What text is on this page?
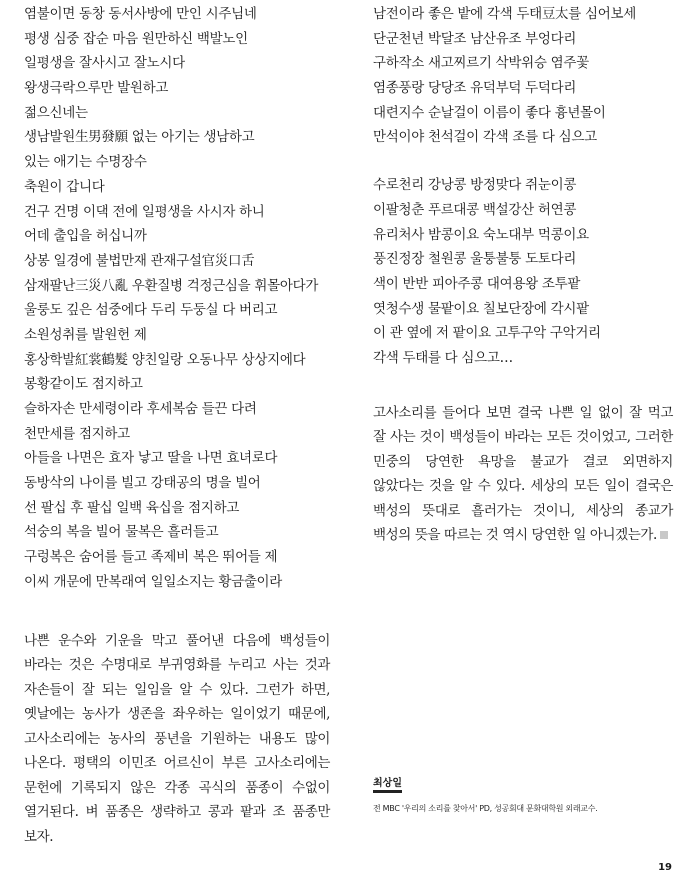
염불이면 동창 동서사방에 만인 시주님네
평생 심중 잡순 마음 원만하신 백발노인
일평생을 잘사시고 잘노시다
왕생극락으루만 발원하고
젊으신네는
생남발원生男發願 없는 아기는 생남하고
있는 애기는 수명장수
축원이 갑니다
건구 건명 이댁 전에 일평생을 사시자 하니
어데 출입을 허십니까
상봉 일경에 불법만재 관재구설官災口舌
삼재팔난三災八亂 우환질병 걱정근심을 휘몰아다가
울룽도 깊은 섬중에다 두리 두둥실 다 버리고
소원성취를 발원헌 제
홍상학발紅裳鶴髮 양친일랑 오동나무 상상지에다
봉황같이도 점지하고
슬하자손 만세령이라 후세복숨 들끈 다려
천만세를 점지하고
아들을 나면은 효자 낳고 딸을 나면 효녀로다
동방삭의 나이를 빌고 강태공의 명을 빌어
선 팔십 후 팔십 일백 육십을 점지하고
석숭의 복을 빌어 물복은 흘러들고
구렁복은 숨어를 들고 족제비 복은 뛰어들 제
이씨 개문에 만복래여 일일소지는 황금출이라

나쁜 운수와 기운을 막고 풀어낸 다음에 백성들이 바라는 것은 수명대로 부귀영화를 누리고 사는 것과 자손들이 잘 되는 일임을 알 수 있다. 그런가 하면, 옛날에는 농사가 생존을 좌우하는 일이었기 때문에, 고사소리에는 농사의 풍년을 기원하는 내용도 많이 나온다. 평택의 이민조 어르신이 부른 고사소리에는 문헌에 기록되지 않은 각종 곡식의 품종이 수없이 열거된다. 벼 품종은 생략하고 콩과 팥과 조 품종만 보자.

남전이라 좋은 밭에 각색 두태豆太를 심어보세
단군천년 박달조 남산유조 부엉다리
구하작소 새고찌르기 삭박위승 염주꽃
염종풍랑 당당조 유덕부덕 두덕다리
대련지수 순날걸이 이름이 좋다 흉년몰이
만석이야 천석걸이 각색 조를 다 심으고
수로천리 강낭콩 방정맞다 쥐눈이콩
이팔청춘 푸르대콩 백설강산 허연콩
유리처사 밤콩이요 숙노대부 먹콩이요
풍진정장 철원콩 울퉁불퉁 도토다리
색이 반반 피아주콩 대여용왕 조투팥
엿청수생 물팥이요 칠보단장에 각시팥
이 관 옆에 저 팥이요 고투구악 구악거리
각색 두태를 다 심으고…

고사소리를 들어다 보면 결국 나쁜 일 없이 잘 먹고 잘 사는 것이 백성들이 바라는 모든 것이었고, 그러한 민중의 당연한 욕망을 불교가 결코 외면하지 않았다는 것을 알 수 있다. 세상의 모든 일이 결국은 백성의 뜻대로 흘러가는 것이니, 세상의 종교가 백성의 뜻을 따르는 것 역시 당연한 일 아니겠는가.

최상일
전 MBC '우리의 소리를 찾아서' PD, 성공회대 문화대학원 외래교수.
19
